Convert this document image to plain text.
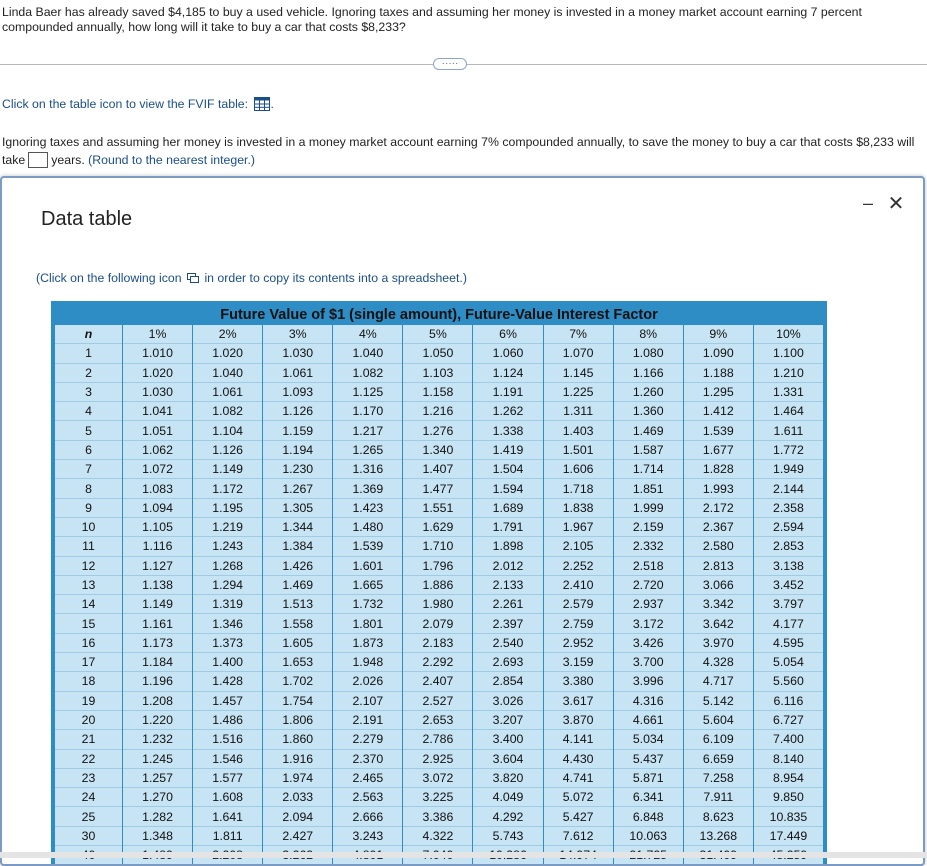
Linda Baer has already saved $4,185 to buy a used vehicle. Ignoring taxes and assuming her money is invested in a money market account earning 7 percent compounded annually, how long will it take to buy a car that costs $8,233?
·····
Click on the table icon to view the FVIF table: .
Ignoring taxes and assuming her money is invested in a money market account earning 7% compounded annually, to save the money to buy a car that costs $8,233 will take years. (Round to the nearest integer.)
Data table
– ✕
(Click on the following icon in order to copy its contents into a spreadsheet.)
Future Value of $1 (single amount), Future-Value Interest Factor
n	1%	2%	3%	4%	5%	6%	7%	8%	9%	10%
1	1.010	1.020	1.030	1.040	1.050	1.060	1.070	1.080	1.090	1.100
2	1.020	1.040	1.061	1.082	1.103	1.124	1.145	1.166	1.188	1.210
3	1.030	1.061	1.093	1.125	1.158	1.191	1.225	1.260	1.295	1.331
4	1.041	1.082	1.126	1.170	1.216	1.262	1.311	1.360	1.412	1.464
5	1.051	1.104	1.159	1.217	1.276	1.338	1.403	1.469	1.539	1.611
6	1.062	1.126	1.194	1.265	1.340	1.419	1.501	1.587	1.677	1.772
7	1.072	1.149	1.230	1.316	1.407	1.504	1.606	1.714	1.828	1.949
8	1.083	1.172	1.267	1.369	1.477	1.594	1.718	1.851	1.993	2.144
9	1.094	1.195	1.305	1.423	1.551	1.689	1.838	1.999	2.172	2.358
10	1.105	1.219	1.344	1.480	1.629	1.791	1.967	2.159	2.367	2.594
11	1.116	1.243	1.384	1.539	1.710	1.898	2.105	2.332	2.580	2.853
12	1.127	1.268	1.426	1.601	1.796	2.012	2.252	2.518	2.813	3.138
13	1.138	1.294	1.469	1.665	1.886	2.133	2.410	2.720	3.066	3.452
14	1.149	1.319	1.513	1.732	1.980	2.261	2.579	2.937	3.342	3.797
15	1.161	1.346	1.558	1.801	2.079	2.397	2.759	3.172	3.642	4.177
16	1.173	1.373	1.605	1.873	2.183	2.540	2.952	3.426	3.970	4.595
17	1.184	1.400	1.653	1.948	2.292	2.693	3.159	3.700	4.328	5.054
18	1.196	1.428	1.702	2.026	2.407	2.854	3.380	3.996	4.717	5.560
19	1.208	1.457	1.754	2.107	2.527	3.026	3.617	4.316	5.142	6.116
20	1.220	1.486	1.806	2.191	2.653	3.207	3.870	4.661	5.604	6.727
21	1.232	1.516	1.860	2.279	2.786	3.400	4.141	5.034	6.109	7.400
22	1.245	1.546	1.916	2.370	2.925	3.604	4.430	5.437	6.659	8.140
23	1.257	1.577	1.974	2.465	3.072	3.820	4.741	5.871	7.258	8.954
24	1.270	1.608	2.033	2.563	3.225	4.049	5.072	6.341	7.911	9.850
25	1.282	1.641	2.094	2.666	3.386	4.292	5.427	6.848	8.623	10.835
30	1.348	1.811	2.427	3.243	4.322	5.743	7.612	10.063	13.268	17.449
